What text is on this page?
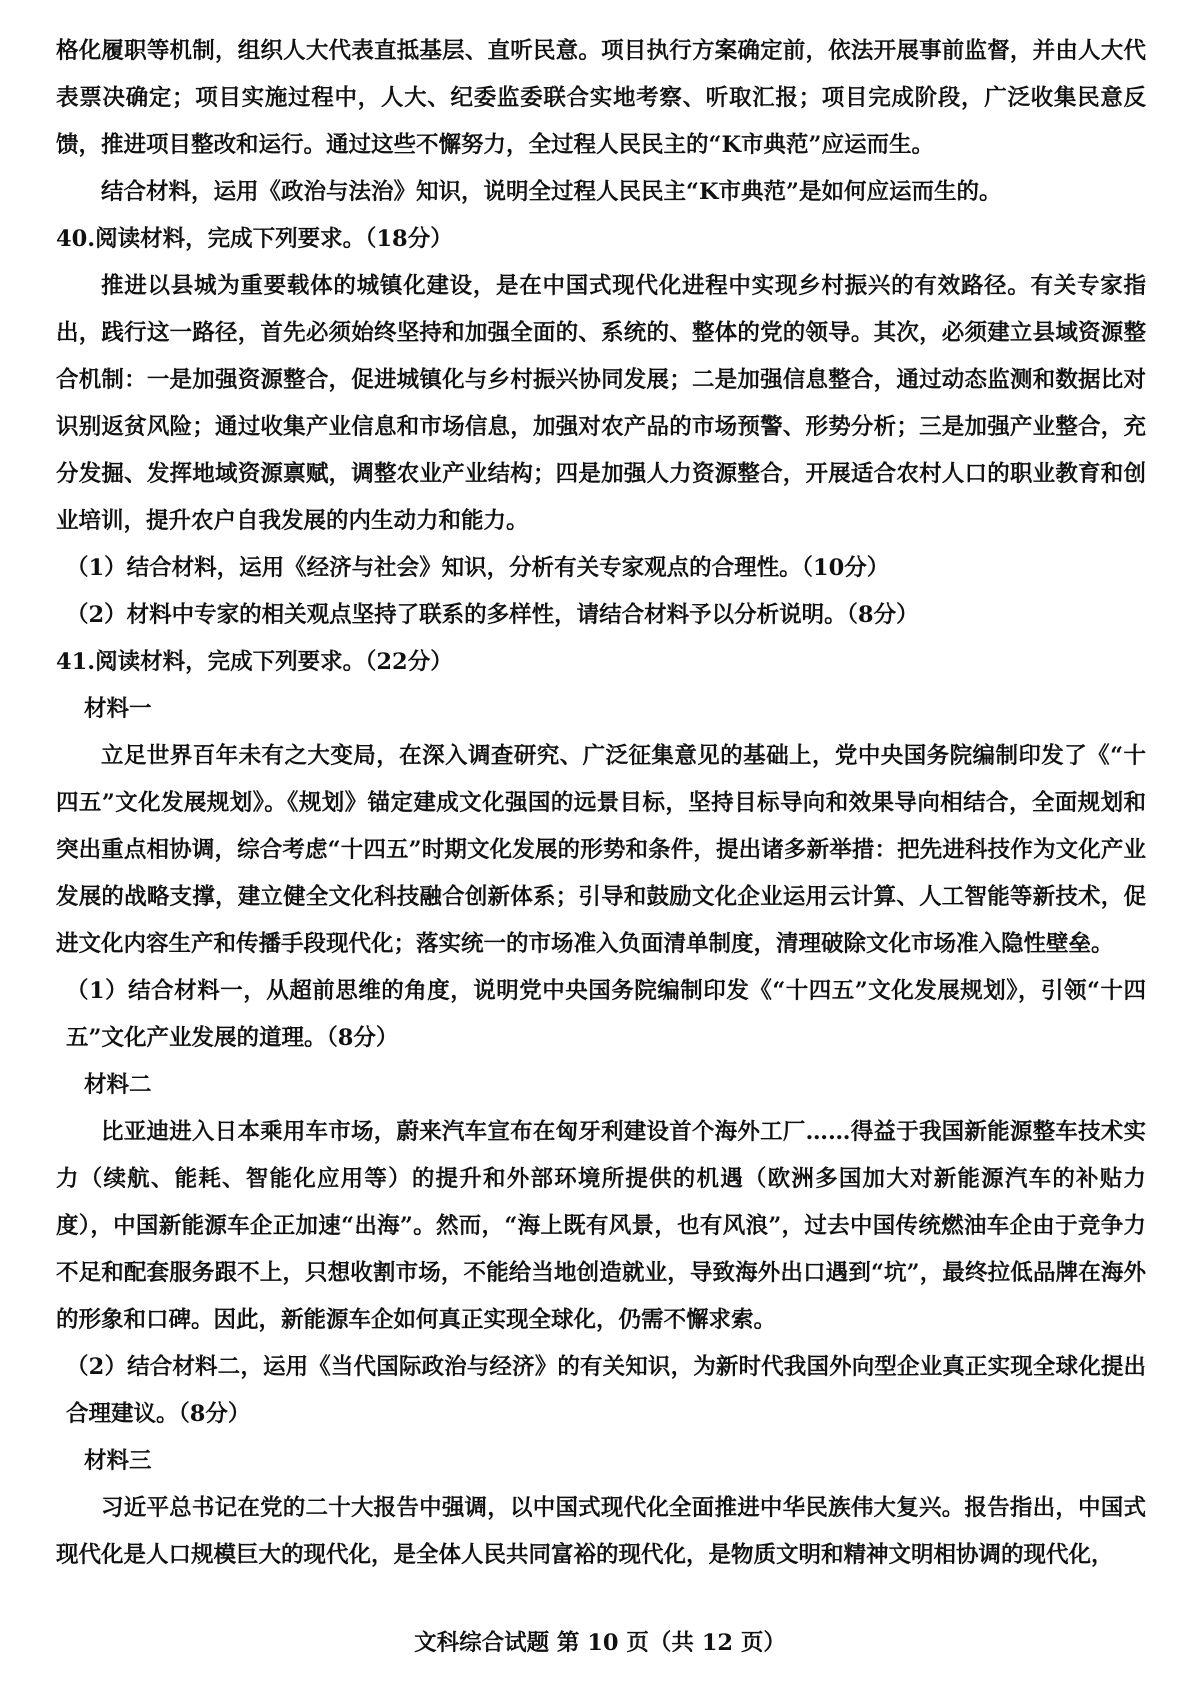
格化履职等机制，组织人大代表直抵基层、直听民意。项目执行方案确定前，依法开展事前监督，并由人大代表票决确定；项目实施过程中，人大、纪委监委联合实地考察、听取汇报；项目完成阶段，广泛收集民意反馈，推进项目整改和运行。通过这些不懈努力，全过程人民民主的“K市典范”应运而生。

结合材料，运用《政治与法治》知识，说明全过程人民民主“K市典范”是如何应运而生的。

40.阅读材料，完成下列要求。（18分）

推进以县城为重要载体的城镇化建设，是在中国式现代化进程中实现乡村振兴的有效路径。有关专家指出，践行这一路径，首先必须始终坚持和加强全面的、系统的、整体的党的领导。其次，必须建立县域资源整合机制：一是加强资源整合，促进城镇化与乡村振兴协同发展；二是加强信息整合，通过动态监测和数据比对识别返贫风险；通过收集产业信息和市场信息，加强对农产品的市场预警、形势分析；三是加强产业整合，充分发掘、发挥地域资源禀赋，调整农业产业结构；四是加强人力资源整合，开展适合农村人口的职业教育和创业培训，提升农户自我发展的内生动力和能力。

（1）结合材料，运用《经济与社会》知识，分析有关专家观点的合理性。（10分）

（2）材料中专家的相关观点坚持了联系的多样性，请结合材料予以分析说明。（8分）

41.阅读材料，完成下列要求。（22分）

材料一

立足世界百年未有之大变局，在深入调查研究、广泛征集意见的基础上，党中央国务院编制印发了《“十四五”文化发展规划》。《规划》锚定建成文化强国的远景目标，坚持目标导向和效果导向相结合，全面规划和突出重点相协调，综合考虑“十四五”时期文化发展的形势和条件，提出诸多新举措：把先进科技作为文化产业发展的战略支撑，建立健全文化科技融合创新体系；引导和鼓励文化企业运用云计算、人工智能等新技术，促进文化内容生产和传播手段现代化；落实统一的市场准入负面清单制度，清理破除文化市场准入隐性壁垒。

（1）结合材料一，从超前思维的角度，说明党中央国务院编制印发《“十四五”文化发展规划》，引领“十四五”文化产业发展的道理。（8分）

材料二

比亚迪进入日本乘用车市场，蔚来汽车宣布在匈牙利建设首个海外工厂……得益于我国新能源整车技术实力（续航、能耗、智能化应用等）的提升和外部环境所提供的机遇（欧洲多国加大对新能源汽车的补贴力度），中国新能源车企正加速“出海”。然而，“海上既有风景，也有风浪”，过去中国传统燃油车企由于竞争力不足和配套服务跟不上，只想收割市场，不能给当地创造就业，导致海外出口遇到“坑”，最终拉低品牌在海外的形象和口碑。因此，新能源车企如何真正实现全球化，仍需不懈求索。

（2）结合材料二，运用《当代国际政治与经济》的有关知识，为新时代我国外向型企业真正实现全球化提出合理建议。（8分）

材料三

习近平总书记在党的二十大报告中强调，以中国式现代化全面推进中华民族伟大复兴。报告指出，中国式现代化是人口规模巨大的现代化，是全体人民共同富裕的现代化，是物质文明和精神文明相协调的现代化，

文科综合试题 第 10 页（共 12 页）
